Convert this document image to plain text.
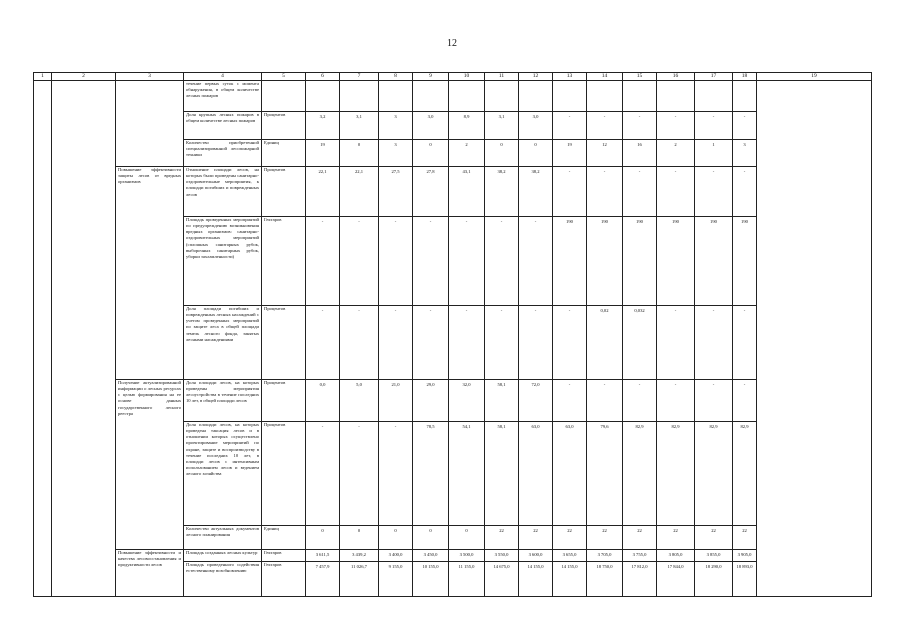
12
1	2	3	4	5	6	7	8	9	10	11	12	13	14	15	16	17	18	19
			течение первых суток с момента обнаружения, в общем количестве лесных пожаров															
			Доля крупных лесных пожаров в общем количестве лесных пожаров	Процентов	3,2	3,1	3	3,0	8,9	3,1	3,0	-	-	-	-	-	-	
			Количество приобретенной специализированной лесопожарной техники	Единиц	19	0	3	0	2	0	0	19	12	16	2	1	3	
		Повышение эффективности защиты лесов от вредных организмов	Отношение площади лесов, на которых были проведены санитарно-оздоровительные мероприятия, к площади погибших и поврежденных лесов	Процентов	22,1	22,1	27,5	27,8	43,1	38,2	38,2	-	-	-	-	-	-	
			Площадь проведенных мероприятий по предупреждению возникновения вредных организмов: санитарно-оздоровительных мероприятий (сплошных санитарных рубок, выборочных санитарных рубок, уборки захламленности)	Гектаров	-	-	-	-	-	-	-	190	190	190	190	190	190	
			Доля площади погибших и поврежденных лесных насаждений с учетом проведенных мероприятий по защите леса в общей площади земель лесного фонда, занятых лесными насаждениями	Процентов	-	-	-	-	-	-	-	-	0,02	0,032	-	-	-	
		Получение актуализированной информации о лесных ресурсах с целью формирования на ее основе данных государственного лесного реестра	Доля площади лесов, на которых проведены мероприятия лесоустройства в течение последних 10 лет, в общей площади лесов	Процентов	0,0	5,0	21,0	29,0	32,0	58,1	72,0	-	-	-	-	-	-	
			Доля площади лесов, на которых проведена таксация лесов и в отношении которых осуществлено проектирование мероприятий по охране, защите и воспроизводству в течение последних 10 лет, в площади лесов с интенсивным использованием лесов и ведением лесного хозяйства	Процентов	-	-	-	78,5	54,1	58,1	63,0	63,0	79,6	82,9	82,9	82,9	82,9	
			Количество актуальных документов лесного планирования	Единиц	0	0	0	0	0	22	22	22	22	22	22	22	22	
		Повышение эффективности и качества лесовосстановления и продуктивности лесов	Площадь созданных лесных культур	Гектаров	3 611,5	3 439,2	3 400,0	3 450,0	3 500,0	3 550,0	3 600,0	3 655,0	3 705,0	3 755,0	3 805,0	3 855,0	3 905,0	
			Площадь проведенного содействия естественному возобновлению	Гектаров	7 457,9	11 026,7	9 155,0	10 155,0	11 155,0	14 675,0	14 155,0	14 155,0	18 750,0	17 812,0	17 844,0	18 290,0	18 893,0	
